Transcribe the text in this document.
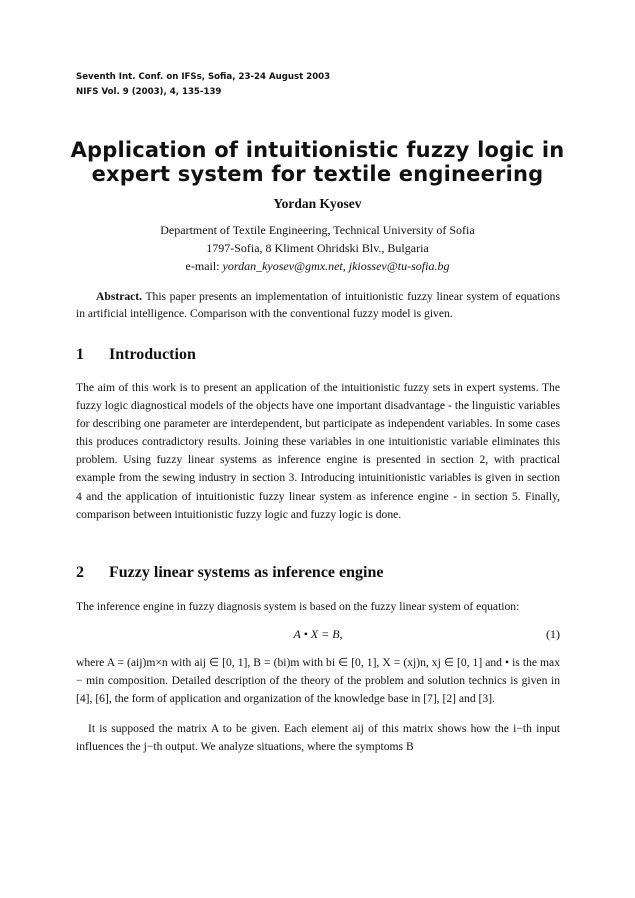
Seventh Int. Conf. on IFSs, Sofia, 23-24 August 2003
NIFS Vol. 9 (2003), 4, 135-139
Application of intuitionistic fuzzy logic in
expert system for textile engineering
Yordan Kyosev
Department of Textile Engineering, Technical University of Sofia
1797-Sofia, 8 Kliment Ohridski Blv., Bulgaria
e-mail: yordan_kyosev@gmx.net, jkiossev@tu-sofia.bg
Abstract. This paper presents an implementation of intuitionistic fuzzy linear system of equations in artificial intelligence. Comparison with the conventional fuzzy model is given.
1 Introduction
The aim of this work is to present an application of the intuitionistic fuzzy sets in expert systems. The fuzzy logic diagnostical models of the objects have one important disadvantage - the linguistic variables for describing one parameter are interdependent, but participate as independent variables. In some cases this produces contradictory results. Joining these variables in one intuitionistic variable eliminates this problem. Using fuzzy linear systems as inference engine is presented in section 2, with practical example from the sewing industry in section 3. Introducing intuinitionistic variables is given in section 4 and the application of intuitionistic fuzzy linear system as inference engine - in section 5. Finally, comparison between intuitionistic fuzzy logic and fuzzy logic is done.
2 Fuzzy linear systems as inference engine
The inference engine in fuzzy diagnosis system is based on the fuzzy linear system of equation:
A • X = B,	(1)
where A = (aij)m×n with aij ∈ [0, 1], B = (bi)m with bi ∈ [0, 1], X = (xj)n, xj ∈ [0, 1] and • is the max − min composition. Detailed description of the theory of the problem and solution technics is given in [4], [6], the form of application and organization of the knowledge base in [7], [2] and [3].
It is supposed the matrix A to be given. Each element aij of this matrix shows how the i−th input influences the j−th output. We analyze situations, where the symptoms B
